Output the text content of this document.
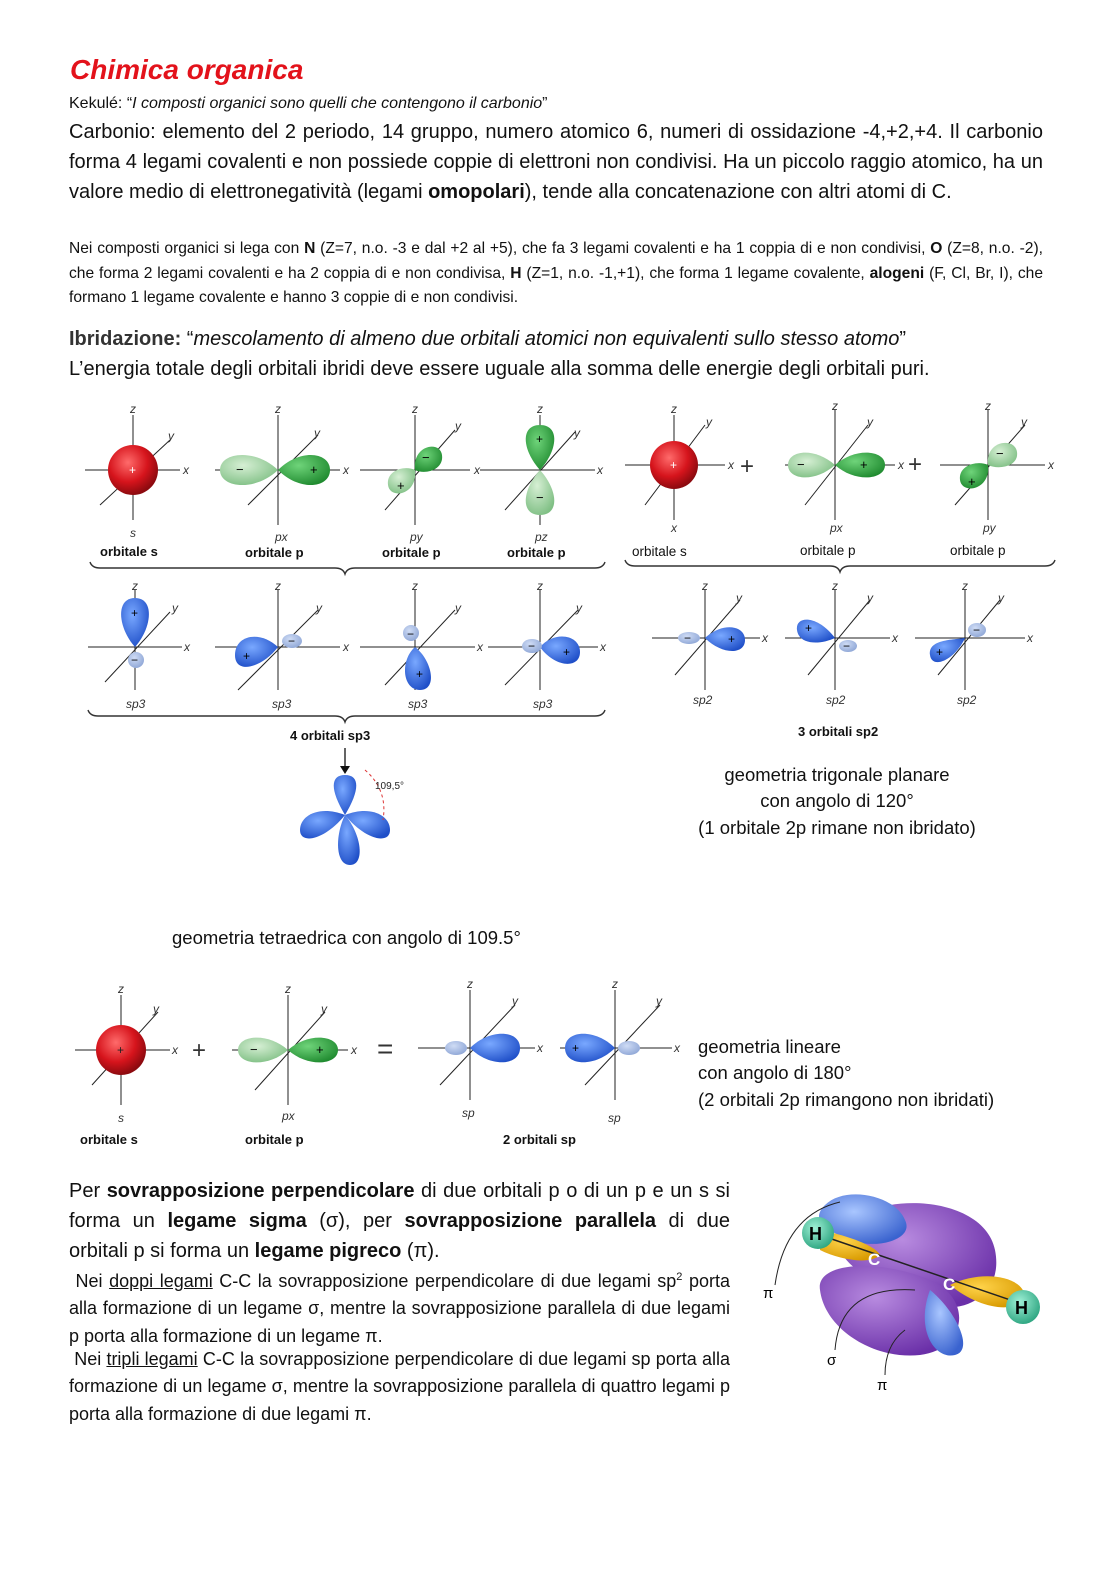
Chimica organica
Kekulé: “I composti organici sono quelli che contengono il carbonio”
Carbonio: elemento del 2 periodo, 14 gruppo, numero atomico 6, numeri di ossidazione -4,+2,+4. Il carbonio forma 4 legami covalenti e non possiede coppie di elettroni non condivisi. Ha un piccolo raggio atomico, ha un valore medio di elettronegatività (legami omopolari), tende alla concatenazione con altri atomi di C.
Nei composti organici si lega con N (Z=7, n.o. -3 e dal +2 al +5), che fa 3 legami covalenti e ha 1 coppia di e non condivisi, O (Z=8, n.o. -2), che forma 2 legami covalenti e ha 2 coppia di e non condivisa, H (Z=1, n.o. -1,+1), che forma 1 legame covalente, alogeni (F, Cl, Br, I), che formano 1 legame covalente e hanno 3 coppie di e non condivisi.
Ibridazione: “mescolamento di almeno due orbitali atomici non equivalenti sullo stesso atomo”
L’energia totale degli orbitali ibridi deve essere uguale alla somma delle energie degli orbitali puri.
z
x
y
+
s
orbitale s
z
x
y
−	+
px
orbitale p
z
x
y
−
+
py
orbitale p
z
x
y
+
−
pz
orbitale p
+
z
x
y
x
orbitale s
+	−	+
z
x
y
px
orbitale p
+	−
+
z
x
y
py
orbitale p
+
−
z
x
y
sp3
+
−
z
x
y
sp3
+
−
z
x
y
sp3
+
−
z
x
y
sp3
4 orbitali sp3
109,5°
+
−
z
x
y
sp2
+
−
z
x
y
sp2
+
−
z
x
y
sp2
3 orbitali sp2
+
z
x
y
s
orbitale s
+	−	+
z
x
y
px
orbitale p
=
z
x
y
sp
+
z
x
y
sp
2 orbitali sp
geometria trigonale planare
con angolo di 120°
(1 orbitale 2p rimane non ibridato)
geometria tetraedrica con angolo di 109.5°
geometria lineare
con angolo di 180°
(2 orbitali 2p rimangono non ibridati)
Per sovrapposizione perpendicolare di due orbitali p o di un p e un s si forma un legame sigma (σ), per sovrapposizione parallela di due orbitali p si forma un legame pigreco (π).
Nei doppi legami C-C la sovrapposizione perpendicolare di due legami $sp^2$ porta alla formazione di un legame σ, mentre la sovrapposizione parallela di due legami p porta alla formazione di un legame π.
Nei tripli legami C-C la sovrapposizione perpendicolare di due legami sp porta alla formazione di un legame σ, mentre la sovrapposizione parallela di quattro legami p porta alla formazione di due legami π.
H
H
C
C
π
σ
π
